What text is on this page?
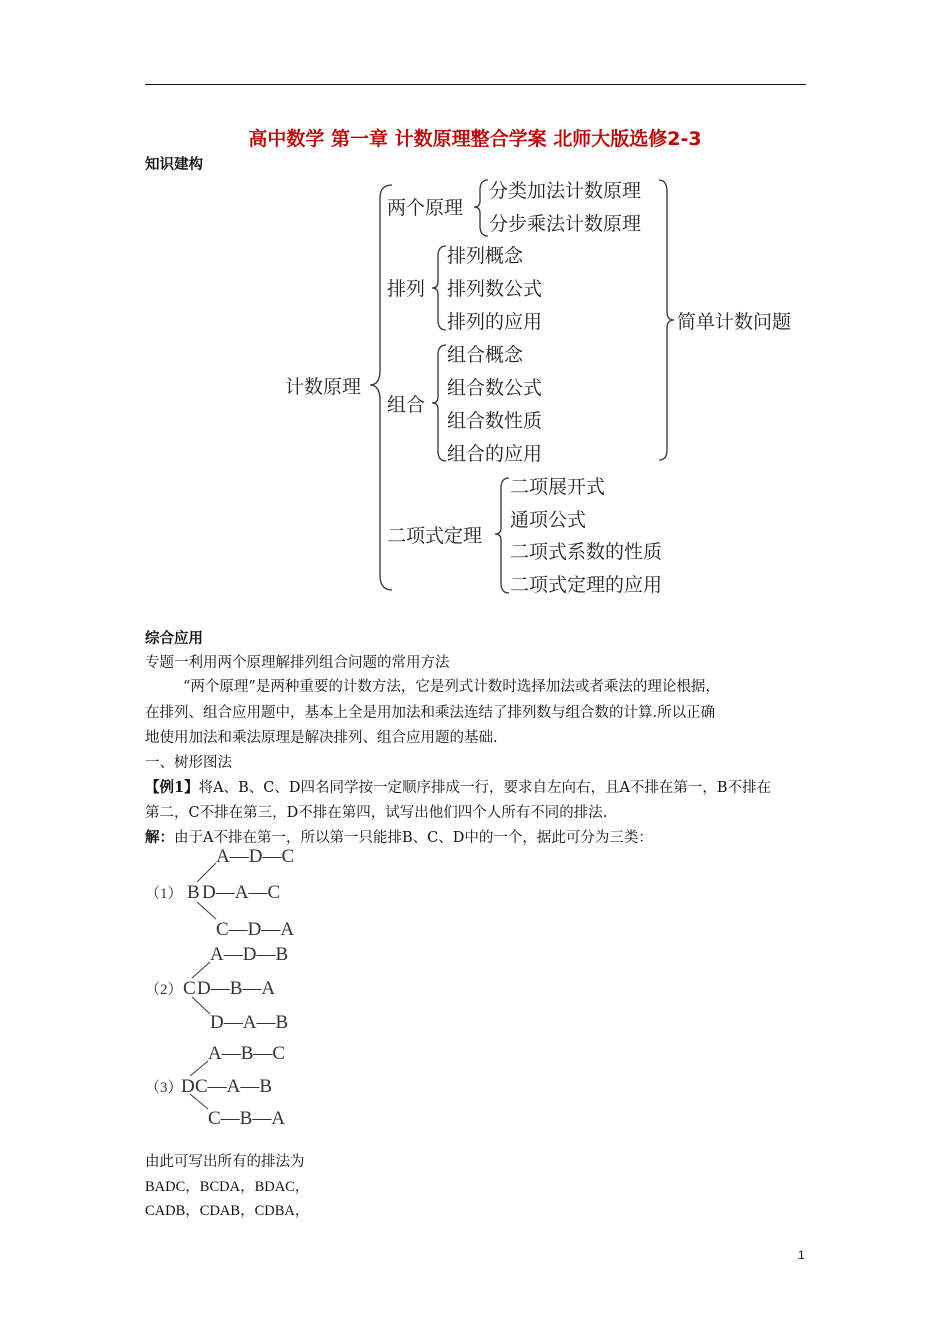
高中数学 第一章 计数原理整合学案 北师大版选修2-3
知识建构
计数原理
简单计数问题
两个原理
分类加法计数原理
分步乘法计数原理
排列
排列概念
排列数公式
排列的应用
组合
组合概念
组合数公式
组合数性质
组合的应用
二项式定理
二项展开式
通项公式
二项式系数的性质
二项式定理的应用
综合应用
专题一利用两个原理解排列组合问题的常用方法
“两个原理”是两种重要的计数方法，它是列式计数时选择加法或者乘法的理论根据，
在排列、组合应用题中，基本上全是用加法和乘法连结了排列数与组合数的计算.所以正确
地使用加法和乘法原理是解决排列、组合应用题的基础.
一、树形图法
【例1】将A、B、C、D四名同学按一定顺序排成一行，要求自左向右，且A不排在第一，B不排在
第二，C不排在第三，D不排在第四，试写出他们四个人所有不同的排法.
解：由于A不排在第一，所以第一只能排B、C、D中的一个，据此可分为三类：
A—D—C
（1） B D—A—C
C—D—A
A—D—B
（2） C D—B—A
D—A—B
A—B—C
（3）
D C—A—B
C—B—A
由此可写出所有的排法为
BADC，BCDA，BDAC，
CADB，CDAB，CDBA，
1
